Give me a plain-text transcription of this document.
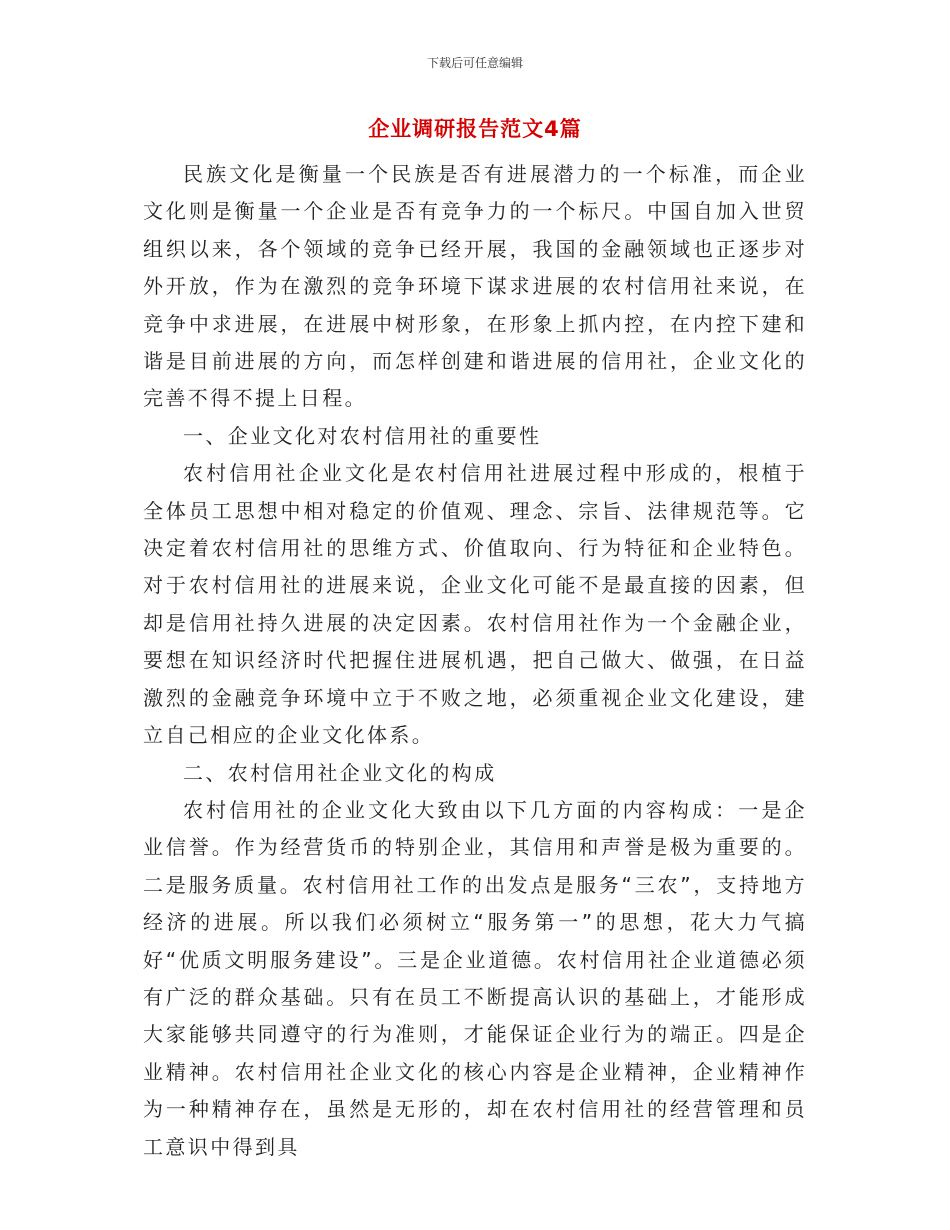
下载后可任意编辑
企业调研报告范文4篇

民族文化是衡量一个民族是否有进展潜力的一个标准，而企业文化则是衡量一个企业是否有竞争力的一个标尺。中国自加入世贸组织以来，各个领域的竞争已经开展，我国的金融领域也正逐步对外开放，作为在激烈的竞争环境下谋求进展的农村信用社来说，在竞争中求进展，在进展中树形象，在形象上抓内控，在内控下建和谐是目前进展的方向，而怎样创建和谐进展的信用社，企业文化的完善不得不提上日程。

一、企业文化对农村信用社的重要性

农村信用社企业文化是农村信用社进展过程中形成的，根植于全体员工思想中相对稳定的价值观、理念、宗旨、法律规范等。它决定着农村信用社的思维方式、价值取向、行为特征和企业特色。对于农村信用社的进展来说，企业文化可能不是最直接的因素，但却是信用社持久进展的决定因素。农村信用社作为一个金融企业，要想在知识经济时代把握住进展机遇，把自己做大、做强，在日益激烈的金融竞争环境中立于不败之地，必须重视企业文化建设，建立自己相应的企业文化体系。

二、农村信用社企业文化的构成

农村信用社的企业文化大致由以下几方面的内容构成：一是企业信誉。作为经营货币的特别企业，其信用和声誉是极为重要的。二是服务质量。农村信用社工作的出发点是服务“三农”，支持地方经济的进展。所以我们必须树立“服务第一”的思想，花大力气搞好“优质文明服务建设”。三是企业道德。农村信用社企业道德必须有广泛的群众基础。只有在员工不断提高认识的基础上，才能形成大家能够共同遵守的行为准则，才能保证企业行为的端正。四是企业精神。农村信用社企业文化的核心内容是企业精神，企业精神作为一种精神存在，虽然是无形的，却在农村信用社的经营管理和员工意识中得到具
